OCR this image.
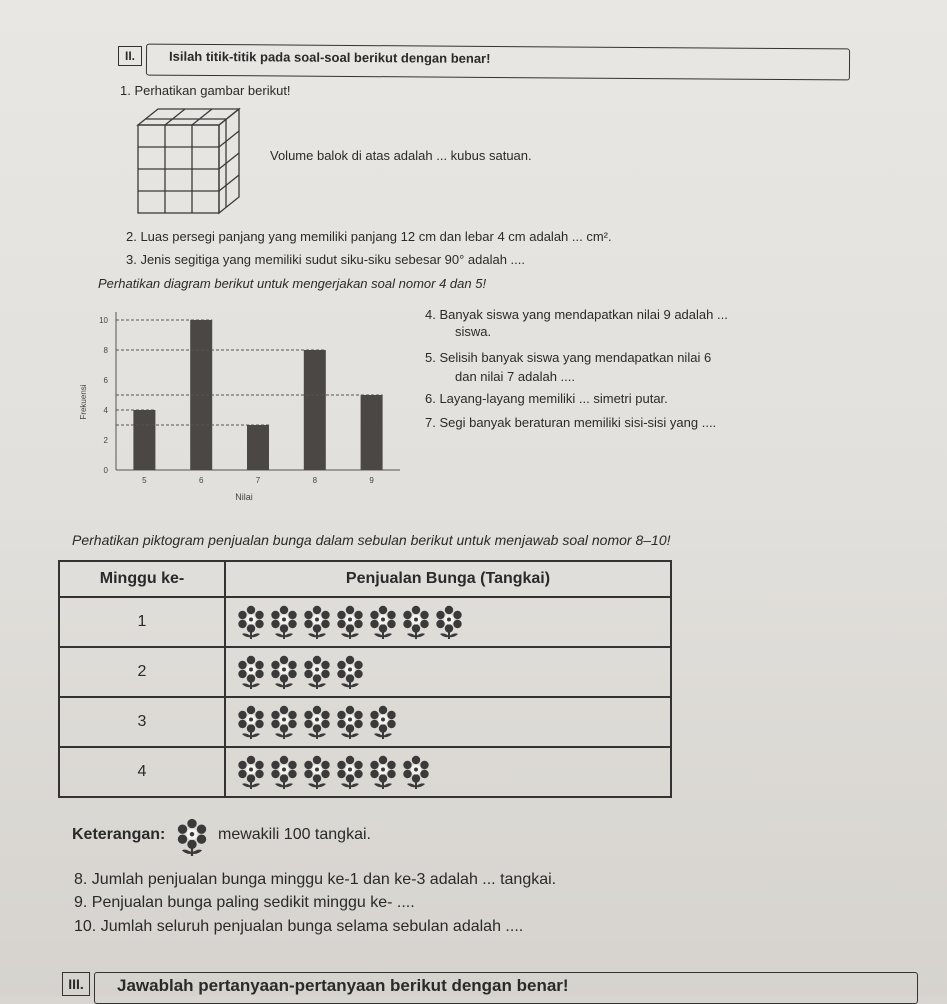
II.	Isilah titik-titik pada soal-soal berikut dengan benar!
1. Perhatikan gambar berikut!
Volume balok di atas adalah ... kubus satuan.
2. Luas persegi panjang yang memiliki panjang 12 cm dan lebar 4 cm adalah ... cm².
3. Jenis segitiga yang memiliki sudut siku-siku sebesar 90° adalah ....
Perhatikan diagram berikut untuk mengerjakan soal nomor 4 dan 5!
Frekuensi
Nilai
0
2
4
6
8
10
5	6	7	8	9
4. Banyak siswa yang mendapatkan nilai 9 adalah ...
siswa.
5. Selisih banyak siswa yang mendapatkan nilai 6
dan nilai 7 adalah ....
6. Layang-layang memiliki ... simetri putar.
7. Segi banyak beraturan memiliki sisi-sisi yang ....
Perhatikan piktogram penjualan bunga dalam sebulan berikut untuk menjawab soal nomor 8–10!
Minggu ke-	Penjualan Bunga (Tangkai)
1	
2	
3	
4	
Keterangan:	mewakili 100 tangkai.
8. Jumlah penjualan bunga minggu ke-1 dan ke-3 adalah ... tangkai.
9. Penjualan bunga paling sedikit minggu ke- ....
10. Jumlah seluruh penjualan bunga selama sebulan adalah ....
III.	Jawablah pertanyaan-pertanyaan berikut dengan benar!
